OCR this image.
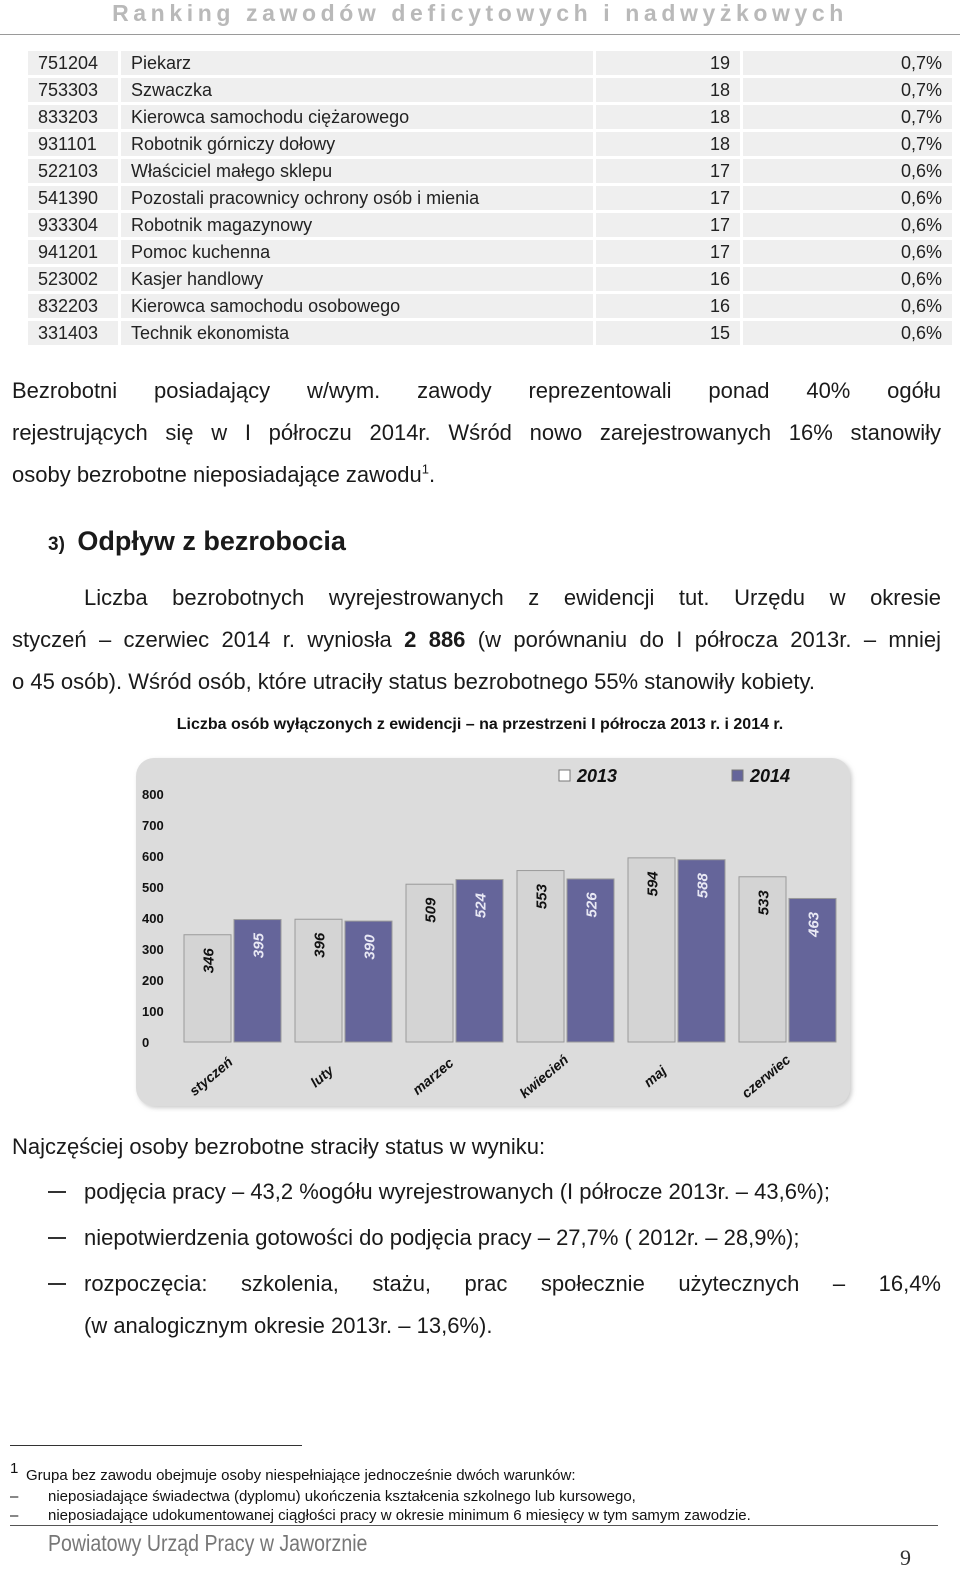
Ranking zawodów deficytowych i nadwyżkowych
751204	Piekarz	19	0,7%
753303	Szwaczka	18	0,7%
833203	Kierowca samochodu ciężarowego	18	0,7%
931101	Robotnik górniczy dołowy	18	0,7%
522103	Właściciel małego sklepu	17	0,6%
541390	Pozostali pracownicy ochrony osób i mienia	17	0,6%
933304	Robotnik magazynowy	17	0,6%
941201	Pomoc kuchenna	17	0,6%
523002	Kasjer handlowy	16	0,6%
832203	Kierowca samochodu osobowego	16	0,6%
331403	Technik ekonomista	15	0,6%
Bezrobotni posiadający w/wym. zawody reprezentowali ponad 40% ogółu
rejestrujących się w I półroczu 2014r. Wśród nowo zarejestrowanych 16% stanowiły
osoby bezrobotne nieposiadające zawodu$^1$.
3) Odpływ z bezrobocia
Liczba bezrobotnych wyrejestrowanych z ewidencji tut. Urzędu w okresie
styczeń – czerwiec 2014 r. wyniosła 2 886 (w porównaniu do I półrocza 2013r. – mniej
o 45 osób). Wśród osób, które utraciły status bezrobotnego 55% stanowiły kobiety.
Liczba osób wyłączonych z ewidencji – na przestrzeni I półrocza 2013 r. i 2014 r.
0
100
200
300
400
500
600
700
800
346
395	396 390
509 524	553 526
594 588
533
463
styczeń	luty	marzec	kwiecień	maj	czerwiec
2013	2014
Najczęściej osoby bezrobotne straciły status w wyniku:
podjęcia pracy – 43,2 %ogółu wyrejestrowanych (I półrocze 2013r. – 43,6%);
niepotwierdzenia gotowości do podjęcia pracy – 27,7% ( 2012r. – 28,9%);
rozpoczęcia: szkolenia, stażu, prac społecznie użytecznych – 16,4%
(w analogicznym okresie 2013r. – 13,6%).
1 Grupa bez zawodu obejmuje osoby niespełniające jednocześnie dwóch warunków:
– nieposiadające świadectwa (dyplomu) ukończenia kształcenia szkolnego lub kursowego,
– nieposiadające udokumentowanej ciągłości pracy w okresie minimum 6 miesięcy w tym samym zawodzie.
Powiatowy Urząd Pracy w Jaworznie
9
